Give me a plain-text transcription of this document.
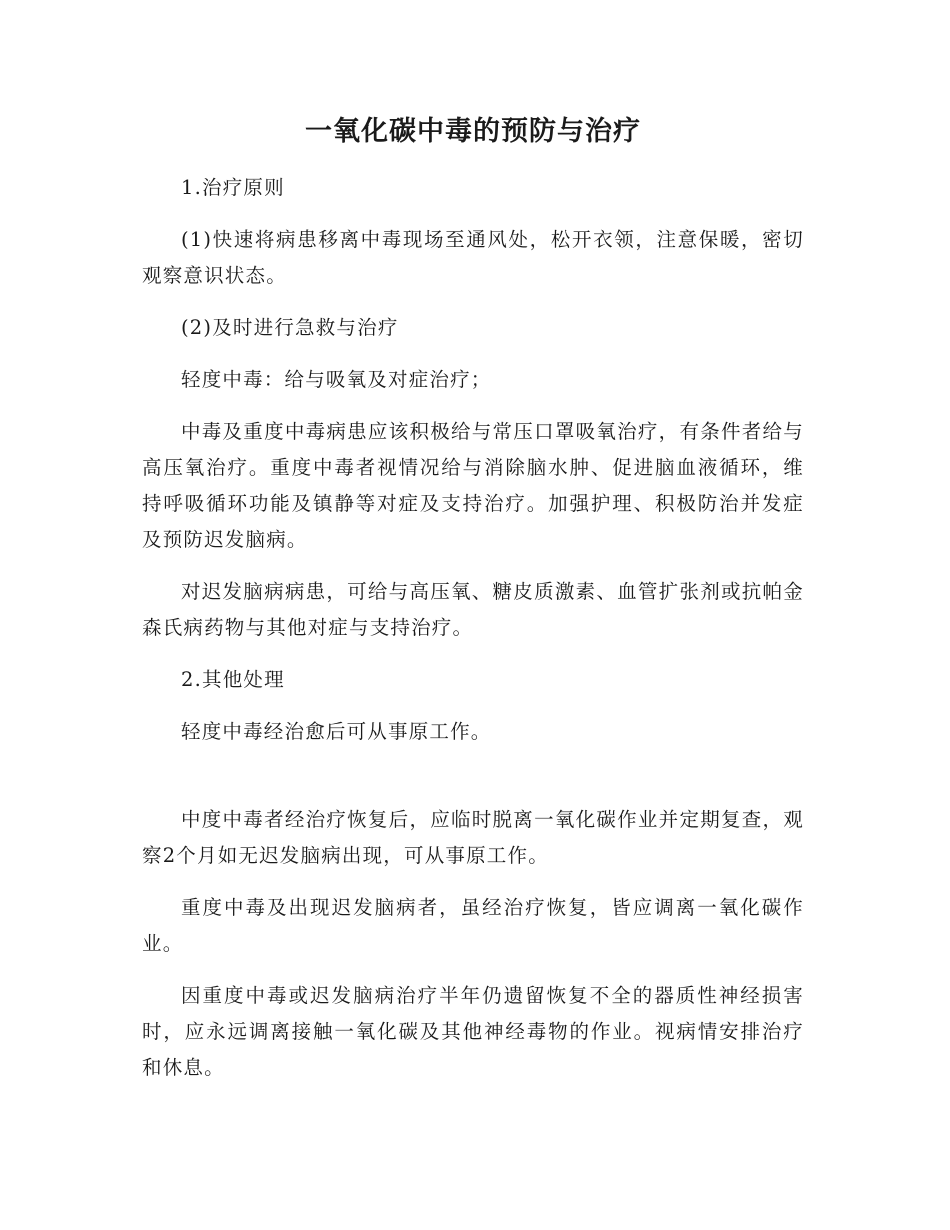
一氧化碳中毒的预防与治疗

1.治疗原则

(1)快速将病患移离中毒现场至通风处，松开衣领，注意保暖，密切观察意识状态。

(2)及时进行急救与治疗

轻度中毒：给与吸氧及对症治疗；

中毒及重度中毒病患应该积极给与常压口罩吸氧治疗，有条件者给与高压氧治疗。重度中毒者视情况给与消除脑水肿、促进脑血液循环，维持呼吸循环功能及镇静等对症及支持治疗。加强护理、积极防治并发症及预防迟发脑病。

对迟发脑病病患，可给与高压氧、糖皮质激素、血管扩张剂或抗帕金森氏病药物与其他对症与支持治疗。

2.其他处理

轻度中毒经治愈后可从事原工作。

中度中毒者经治疗恢复后，应临时脱离一氧化碳作业并定期复查，观察2个月如无迟发脑病出现，可从事原工作。

重度中毒及出现迟发脑病者，虽经治疗恢复，皆应调离一氧化碳作业。

因重度中毒或迟发脑病治疗半年仍遗留恢复不全的器质性神经损害时，应永远调离接触一氧化碳及其他神经毒物的作业。视病情安排治疗和休息。
